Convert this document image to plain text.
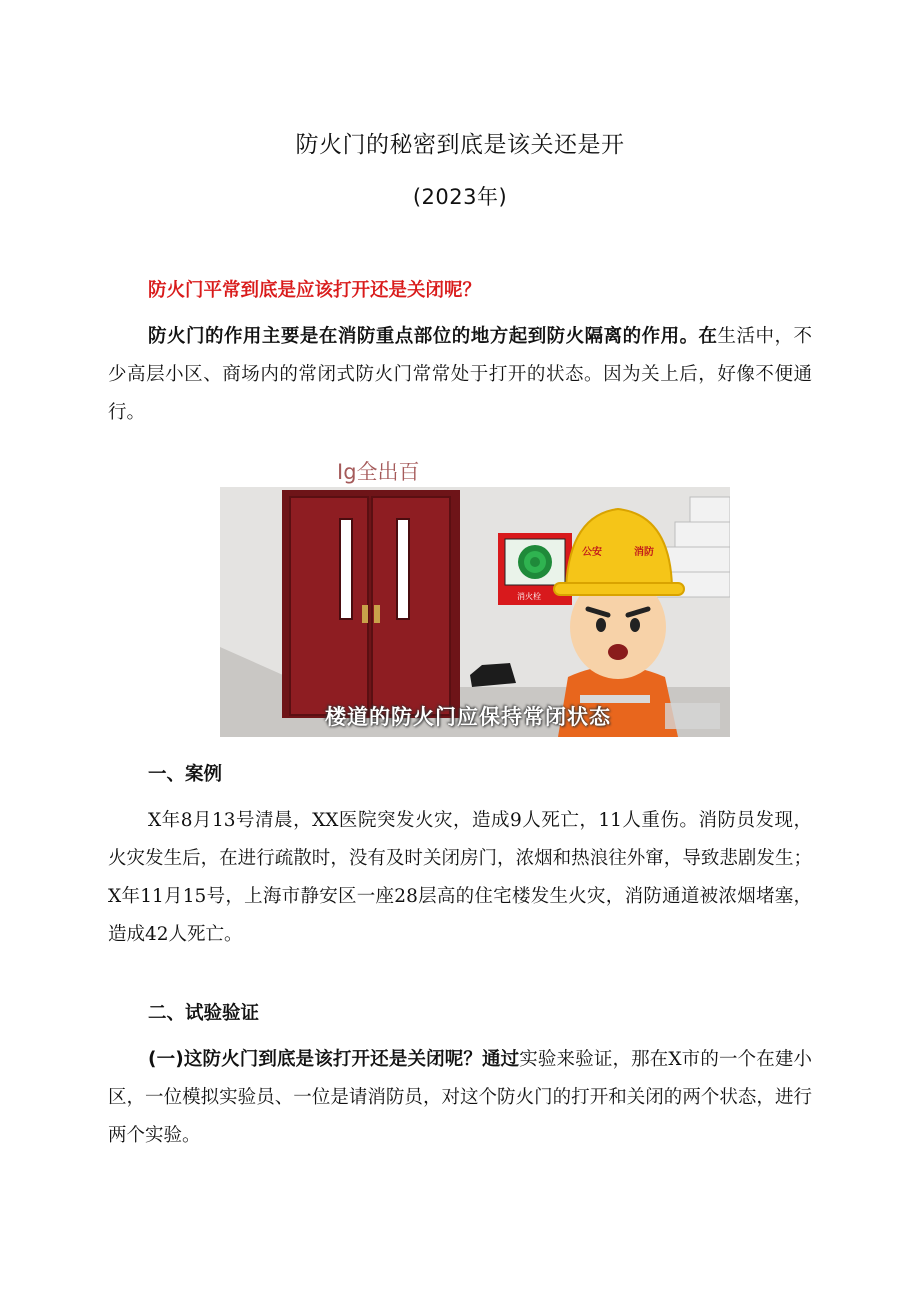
防火门的秘密到底是该关还是开
(2023年)
防火门平常到底是应该打开还是关闭呢？
防火门的作用主要是在消防重点部位的地方起到防火隔离的作用。在生活中，不少高层小区、商场内的常闭式防火门常常处于打开的状态。因为关上后，好像不便通行。
Ig全出百
消火栓
公安	消防
楼道的防火门应保持常闭状态
一、案例
X年8月13号清晨，XX医院突发火灾，造成9人死亡，11人重伤。消防员发现，火灾发生后，在进行疏散时，没有及时关闭房门，浓烟和热浪往外窜，导致悲剧发生；X年11月15号，上海市静安区一座28层高的住宅楼发生火灾，消防通道被浓烟堵塞，造成42人死亡。
二、试验验证
(一)这防火门到底是该打开还是关闭呢？通过实验来验证，那在X市的一个在建小区，一位模拟实验员、一位是请消防员，对这个防火门的打开和关闭的两个状态，进行两个实验。
